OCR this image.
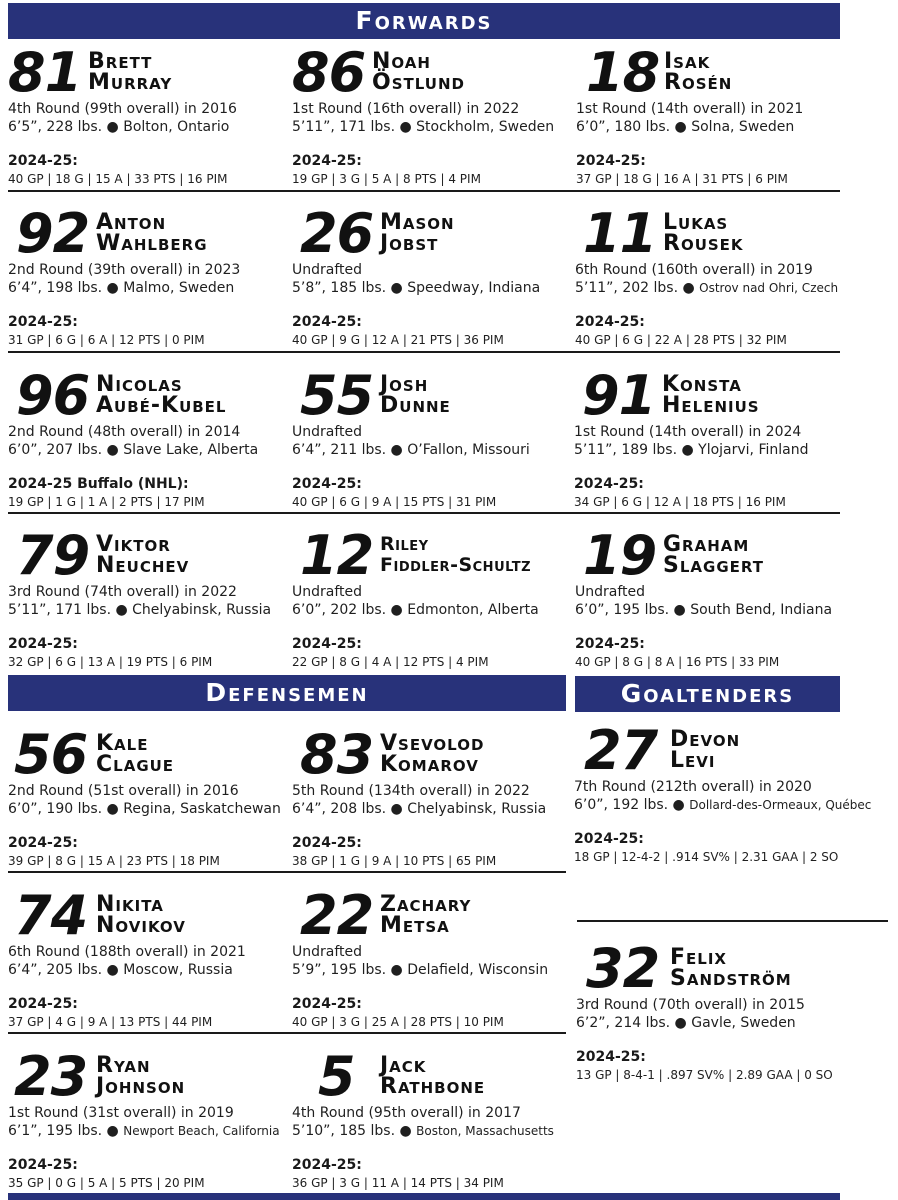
Forwards
Defensemen	Goaltenders
81 Brett
Murray
4th Round (99th overall) in 2016
6’5”, 228 lbs. ● Bolton, Ontario
2024-25:
40 GP | 18 G | 15 A | 33 PTS | 16 PIM
86 Noah
Östlund
1st Round (16th overall) in 2022
5’11”, 171 lbs. ● Stockholm, Sweden
2024-25:
19 GP | 3 G | 5 A | 8 PTS | 4 PIM
18 Isak
Rosén
1st Round (14th overall) in 2021
6’0”, 180 lbs. ● Solna, Sweden
2024-25:
37 GP | 18 G | 16 A | 31 PTS | 6 PIM
92 Anton
Wahlberg
2nd Round (39th overall) in 2023
6’4”, 198 lbs. ● Malmo, Sweden
2024-25:
31 GP | 6 G | 6 A | 12 PTS | 0 PIM
26 Mason
Jobst
Undrafted
5’8”, 185 lbs. ● Speedway, Indiana
2024-25:
40 GP | 9 G | 12 A | 21 PTS | 36 PIM
11 Lukas
Rousek
6th Round (160th overall) in 2019
5’11”, 202 lbs. ● Ostrov nad Ohri, Czech
2024-25:
40 GP | 6 G | 22 A | 28 PTS | 32 PIM
96 Nicolas
Aubé-Kubel
2nd Round (48th overall) in 2014
6’0”, 207 lbs. ● Slave Lake, Alberta
2024-25 Buffalo (NHL):
19 GP | 1 G | 1 A | 2 PTS | 17 PIM
55 Josh
Dunne
Undrafted
6’4”, 211 lbs. ● O’Fallon, Missouri
2024-25:
40 GP | 6 G | 9 A | 15 PTS | 31 PIM
91 Konsta
Helenius
1st Round (14th overall) in 2024
5’11”, 189 lbs. ● Ylojarvi, Finland
2024-25:
34 GP | 6 G | 12 A | 18 PTS | 16 PIM
79 Viktor
Neuchev
3rd Round (74th overall) in 2022
5’11”, 171 lbs. ● Chelyabinsk, Russia
2024-25:
32 GP | 6 G | 13 A | 19 PTS | 6 PIM
12 Riley
Fiddler-Schultz
Undrafted
6’0”, 202 lbs. ● Edmonton, Alberta
2024-25:
22 GP | 8 G | 4 A | 12 PTS | 4 PIM
19 Graham
Slaggert
Undrafted
6’0”, 195 lbs. ● South Bend, Indiana
2024-25:
40 GP | 8 G | 8 A | 16 PTS | 33 PIM
56 Kale
Clague
2nd Round (51st overall) in 2016
6’0”, 190 lbs. ● Regina, Saskatchewan
2024-25:
39 GP | 8 G | 15 A | 23 PTS | 18 PIM
83 Vsevolod
Komarov
5th Round (134th overall) in 2022
6’4”, 208 lbs. ● Chelyabinsk, Russia
2024-25:
38 GP | 1 G | 9 A | 10 PTS | 65 PIM
27 Devon
Levi
7th Round (212th overall) in 2020
6’0”, 192 lbs. ● Dollard-des-Ormeaux, Québec
2024-25:
18 GP | 12-4-2 | .914 SV% | 2.31 GAA | 2 SO
74 Nikita
Novikov
6th Round (188th overall) in 2021
6’4”, 205 lbs. ● Moscow, Russia
2024-25:
37 GP | 4 G | 9 A | 13 PTS | 44 PIM
22 Zachary
Metsa
Undrafted
5’9”, 195 lbs. ● Delafield, Wisconsin
2024-25:
40 GP | 3 G | 25 A | 28 PTS | 10 PIM
32 Felix
Sandström
3rd Round (70th overall) in 2015
6’2”, 214 lbs. ● Gavle, Sweden
2024-25:
13 GP | 8-4-1 | .897 SV% | 2.89 GAA | 0 SO
23 Ryan
Johnson
1st Round (31st overall) in 2019
6’1”, 195 lbs. ● Newport Beach, California
2024-25:
35 GP | 0 G | 5 A | 5 PTS | 20 PIM
5 Jack
Rathbone
4th Round (95th overall) in 2017
5’10”, 185 lbs. ● Boston, Massachusetts
2024-25:
36 GP | 3 G | 11 A | 14 PTS | 34 PIM
